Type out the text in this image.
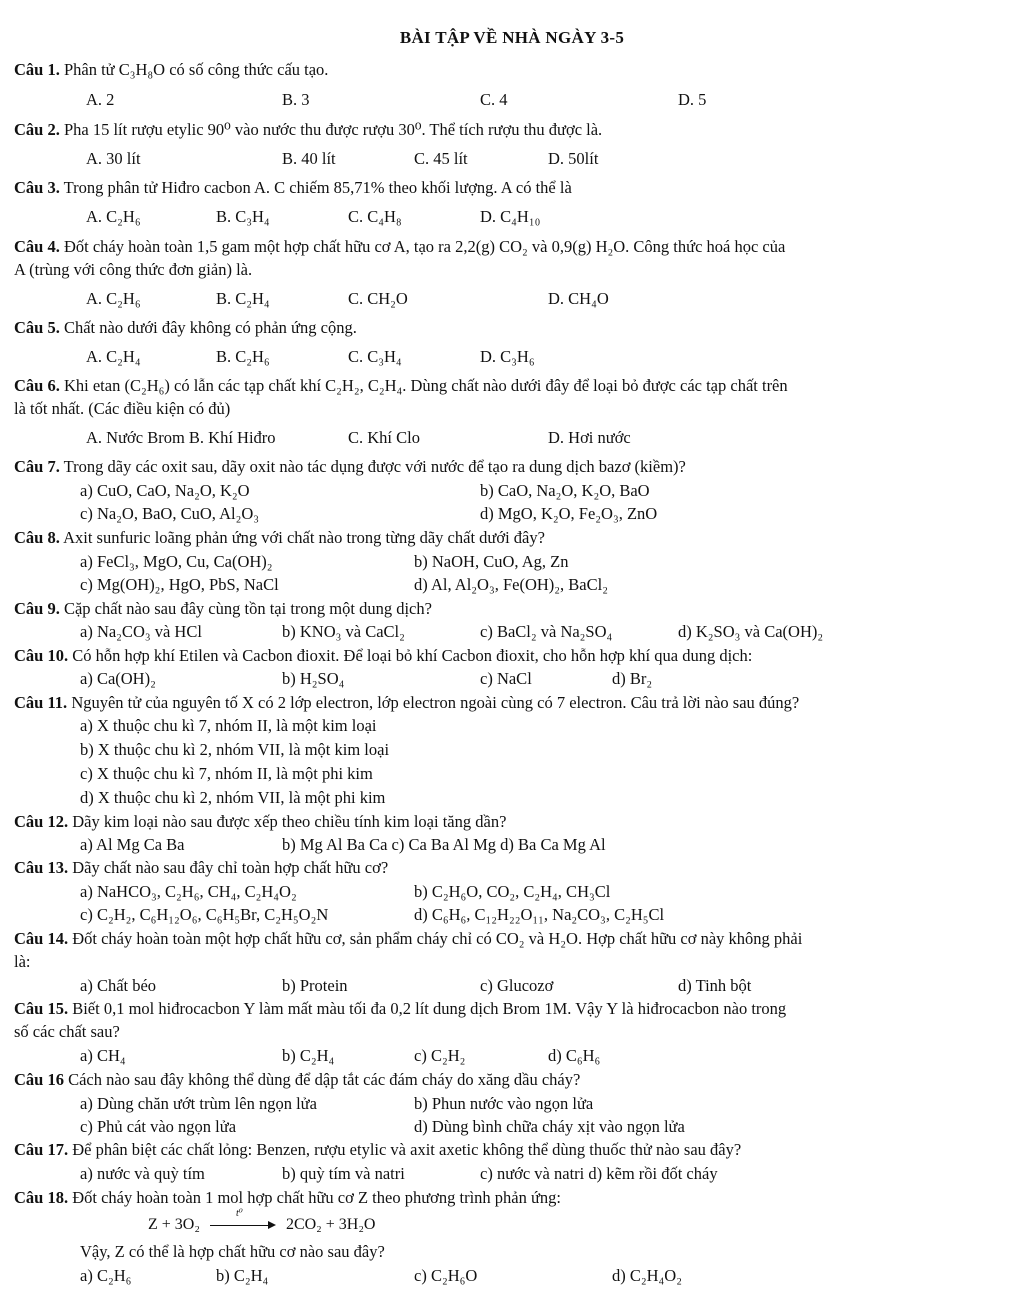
BÀI TẬP VỀ NHÀ NGÀY 3-5
Câu 1. Phân tử C₃H₈O có số công thức cấu tạo.
A. 2	B. 3	C. 4	D. 5
Câu 2. Pha 15 lít rượu etylic 90⁰ vào nước thu được rượu 30⁰. Thể tích rượu thu được là.
A. 30 lít	B. 40 lít	C. 45 lít	D. 50lít
Câu 3. Trong phân tử Hiđro cacbon A. C chiếm 85,71% theo khối lượng. A có thể là
A. C₂H₆	B. C₃H₄	C. C₄H₈	D. C₄H₁₀
Câu 4. Đốt cháy hoàn toàn 1,5 gam một hợp chất hữu cơ A, tạo ra 2,2(g) CO₂ và 0,9(g) H₂O. Công thức hoá học của
A (trùng với công thức đơn giản) là.
A. C₂H₆	B. C₂H₄	C. CH₂O	D. CH₄O
Câu 5. Chất nào dưới đây không có phản ứng cộng.
A. C₂H₄	B. C₂H₆	C. C₃H₄	D. C₃H₆
Câu 6. Khi etan (C₂H₆) có lẫn các tạp chất khí C₂H₂, C₂H₄. Dùng chất nào dưới đây để loại bỏ được các tạp chất trên
là tốt nhất. (Các điều kiện có đủ)
A. Nước Brom B. Khí Hiđro	C. Khí Clo	D. Hơi nước
Câu 7. Trong dãy các oxit sau, dãy oxit nào tác dụng được với nước để tạo ra dung dịch bazơ (kiềm)?
a) CuO, CaO, Na₂O, K₂O	b) CaO, Na₂O, K₂O, BaO
c) Na₂O, BaO, CuO, Al₂O₃	d) MgO, K₂O, Fe₂O₃, ZnO
Câu 8. Axit sunfuric loãng phản ứng với chất nào trong từng dãy chất dưới đây?
a) FeCl₃, MgO, Cu, Ca(OH)₂	b) NaOH, CuO, Ag, Zn
c) Mg(OH)₂, HgO, PbS, NaCl	d) Al, Al₂O₃, Fe(OH)₂, BaCl₂
Câu 9. Cặp chất nào sau đây cùng tồn tại trong một dung dịch?
a) Na₂CO₃ và HCl	b) KNO₃ và CaCl₂	c) BaCl₂ và Na₂SO₄	d) K₂SO₃ và Ca(OH)₂
Câu 10. Có hỗn hợp khí Etilen và Cacbon đioxit. Để loại bỏ khí Cacbon đioxit, cho hỗn hợp khí qua dung dịch:
a) Ca(OH)₂	b) H₂SO₄	c) NaCl	d) Br₂
Câu 11. Nguyên tử của nguyên tố X có 2 lớp electron, lớp electron ngoài cùng có 7 electron. Câu trả lời nào sau đúng?
a) X thuộc chu kì 7, nhóm II, là một kim loại
b) X thuộc chu kì 2, nhóm VII, là một kim loại
c) X thuộc chu kì 7, nhóm II, là một phi kim
d) X thuộc chu kì 2, nhóm VII, là một phi kim
Câu 12. Dãy kim loại nào sau được xếp theo chiều tính kim loại tăng dần?
a) Al Mg Ca Ba	b) Mg Al Ba Ca c) Ca Ba Al Mg d) Ba Ca Mg Al
Câu 13. Dãy chất nào sau đây chỉ toàn hợp chất hữu cơ?
a) NaHCO₃, C₂H₆, CH₄, C₂H₄O₂	b) C₂H₆O, CO₂, C₂H₄, CH₃Cl
c) C₂H₂, C₆H₁₂O₆, C₆H₅Br, C₂H₅O₂N	d) C₆H₆, C₁₂H₂₂O₁₁, Na₂CO₃, C₂H₅Cl
Câu 14. Đốt cháy hoàn toàn một hợp chất hữu cơ, sản phẩm cháy chỉ có CO₂ và H₂O. Hợp chất hữu cơ này không phải
là:
a) Chất béo	b) Protein	c) Glucozơ	d) Tinh bột
Câu 15. Biết 0,1 mol hiđrocacbon Y làm mất màu tối đa 0,2 lít dung dịch Brom 1M. Vậy Y là hiđrocacbon nào trong
số các chất sau?
a) CH₄	b) C₂H₄	c) C₂H₂	d) C₆H₆
Câu 16 Cách nào sau đây không thể dùng để dập tắt các đám cháy do xăng dầu cháy?
a) Dùng chăn ướt trùm lên ngọn lửa	b) Phun nước vào ngọn lửa
c) Phủ cát vào ngọn lửa	d) Dùng bình chữa cháy xịt vào ngọn lửa
Câu 17. Để phân biệt các chất lỏng: Benzen, rượu etylic và axit axetic không thể dùng thuốc thử nào sau đây?
a) nước và quỳ tím	b) quỳ tím và natri	c) nước và natri d) kẽm rồi đốt cháy
Câu 18. Đốt cháy hoàn toàn 1 mol hợp chất hữu cơ Z theo phương trình phản ứng:
Z + 3O₂
t⁰
2CO₂ + 3H₂O
Vậy, Z có thể là hợp chất hữu cơ nào sau đây?
a) C₂H₆	b) C₂H₄	c) C₂H₆O	d) C₂H₄O₂
